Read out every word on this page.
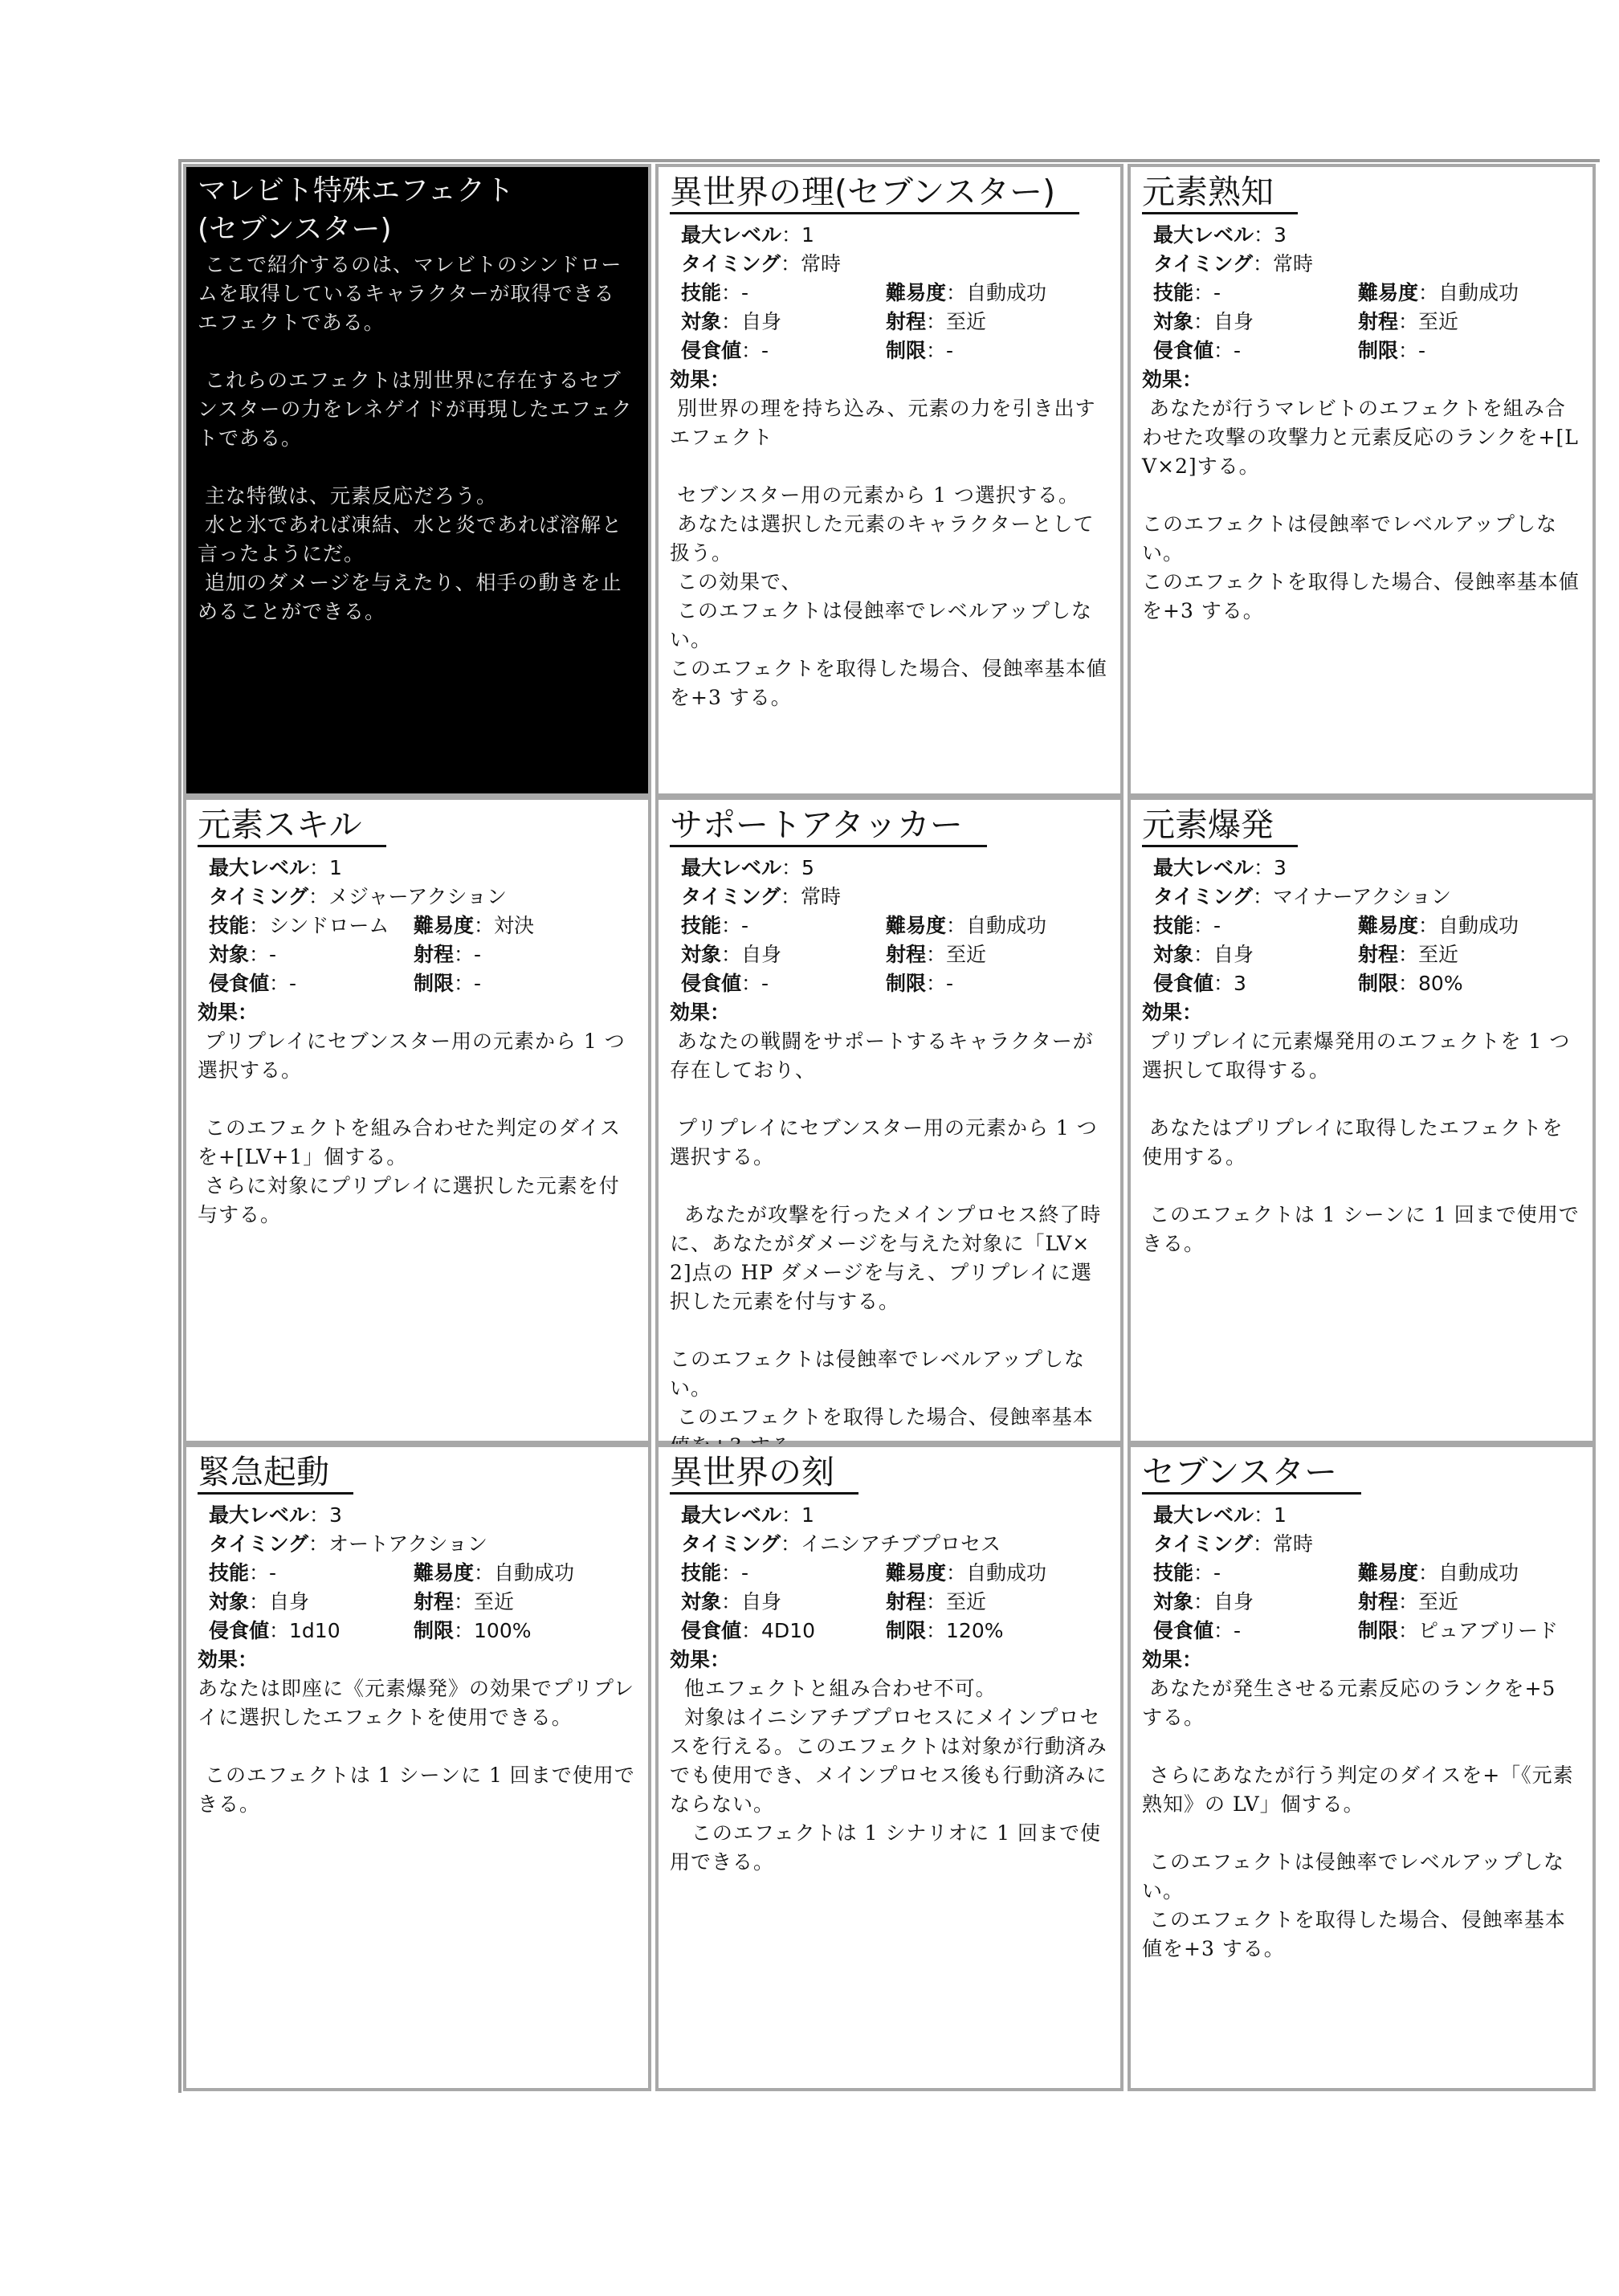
マレビト特殊エフェクト
(セブンスター)
ここで紹介するのは、マレビトのシンドロームを取得しているキャラクターが取得できるエフェクトである。

これらのエフェクトは別世界に存在するセブンスターの力をレネゲイドが再現したエフェクトである。

主な特徴は、元素反応だろう。
水と氷であれば凍結、水と炎であれば溶解と言ったようにだ。
追加のダメージを与えたり、相手の動きを止めることができる。
異世界の理(セブンスター)
最大レベル：1
タイミング：常時
技能：-	難易度：自動成功
対象：自身	射程：至近
侵食値：-	制限：-
効果：
別世界の理を持ち込み、元素の力を引き出すエフェクト

セブンスター用の元素から 1 つ選択する。
あなたは選択した元素のキャラクターとして扱う。
この効果で、
このエフェクトは侵蝕率でレベルアップしない。
このエフェクトを取得した場合、侵蝕率基本値を+3 する。
元素熟知
最大レベル：3
タイミング：常時
技能：-	難易度：自動成功
対象：自身	射程：至近
侵食値：-	制限：-
効果：
あなたが行うマレビトのエフェクトを組み合わせた攻撃の攻撃力と元素反応のランクを+[LV×2]する。

このエフェクトは侵蝕率でレベルアップしない。
このエフェクトを取得した場合、侵蝕率基本値を+3 する。
元素スキル
最大レベル：1
タイミング：メジャーアクション
技能：シンドローム	難易度：対決
対象：-	射程：-
侵食値：-	制限：-
効果：
プリプレイにセブンスター用の元素から 1 つ選択する。

このエフェクトを組み合わせた判定のダイスを+[LV+1」個する。
さらに対象にプリプレイに選択した元素を付与する。
サポートアタッカー
最大レベル：5
タイミング：常時
技能：-	難易度：自動成功
対象：自身	射程：至近
侵食値：-	制限：-
効果：
あなたの戦闘をサポートするキャラクターが存在しており、

プリプレイにセブンスター用の元素から 1 つ選択する。

あなたが攻撃を行ったメインプロセス終了時に、あなたがダメージを与えた対象に「LV×2]点の HP ダメージを与え、プリプレイに選択した元素を付与する。

このエフェクトは侵蝕率でレベルアップしない。
このエフェクトを取得した場合、侵蝕率基本
元素爆発
最大レベル：3
タイミング：マイナーアクション
技能：-	難易度：自動成功
対象：自身	射程：至近
侵食値：3	制限：80%
効果：
プリプレイに元素爆発用のエフェクトを 1 つ選択して取得する。

あなたはプリプレイに取得したエフェクトを使用する。

このエフェクトは 1 シーンに 1 回まで使用できる。
緊急起動
最大レベル：3
タイミング：オートアクション
技能：-	難易度：自動成功
対象：自身	射程：至近
侵食値：1d10	制限：100%
効果：
あなたは即座に《元素爆発》の効果でプリプレイに選択したエフェクトを使用できる。

このエフェクトは 1 シーンに 1 回まで使用できる。
異世界の刻
最大レベル：1
タイミング：イニシアチブプロセス
技能：-	難易度：自動成功
対象：自身	射程：至近
侵食値：4D10	制限：120%
効果：
他エフェクトと組み合わせ不可。
対象はイニシアチブプロセスにメインプロセスを行える。このエフェクトは対象が行動済みでも使用でき、メインプロセス後も行動済みにならない。
このエフェクトは 1 シナリオに 1 回まで使用できる。
セブンスター
最大レベル：1
タイミング：常時
技能：-	難易度：自動成功
対象：自身	射程：至近
侵食値：-	制限：ピュアブリード
効果：
あなたが発生させる元素反応のランクを+5 する。

さらにあなたが行う判定のダイスを+「《元素熟知》の LV」個する。

このエフェクトは侵蝕率でレベルアップしない。
このエフェクトを取得した場合、侵蝕率基本値を+3 する。
